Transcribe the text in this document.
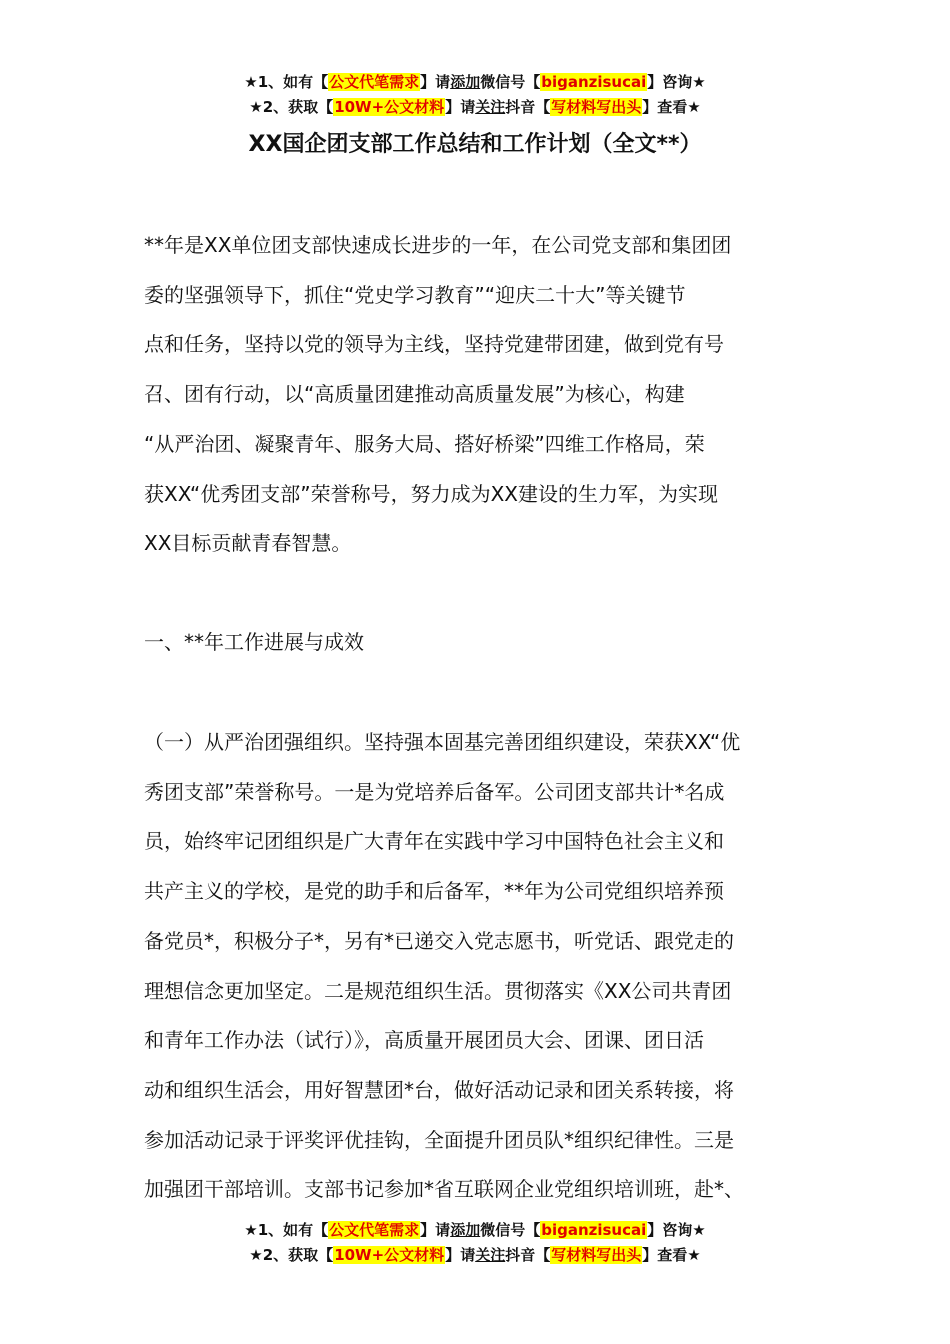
★1、如有【公文代笔需求】请添加微信号【biganzisucai】咨询★
★2、获取【10W+公文材料】请关注抖音【写材料写出头】查看★
XX国企团支部工作总结和工作计划（全文**）

**年是XX单位团支部快速成长进步的一年，在公司党支部和集团团
委的坚强领导下，抓住“党史学习教育”“迎庆二十大”等关键节
点和任务，坚持以党的领导为主线，坚持党建带团建，做到党有号
召、团有行动，以“高质量团建推动高质量发展”为核心，构建
“从严治团、凝聚青年、服务大局、搭好桥梁”四维工作格局，荣
获XX“优秀团支部”荣誉称号，努力成为XX建设的生力军，为实现
XX目标贡献青春智慧。

一、**年工作进展与成效

（一）从严治团强组织。坚持强本固基完善团组织建设，荣获XX“优
秀团支部”荣誉称号。一是为党培养后备军。公司团支部共计*名成
员，始终牢记团组织是广大青年在实践中学习中国特色社会主义和
共产主义的学校，是党的助手和后备军，**年为公司党组织培养预
备党员*，积极分子*，另有*已递交入党志愿书，听党话、跟党走的
理想信念更加坚定。二是规范组织生活。贯彻落实《XX公司共青团
和青年工作办法（试行）》，高质量开展团员大会、团课、团日活
动和组织生活会，用好智慧团*台，做好活动记录和团关系转接，将
参加活动记录于评奖评优挂钩，全面提升团员队*组织纪律性。三是
加强团干部培训。支部书记参加*省互联网企业党组织培训班，赴*、

★1、如有【公文代笔需求】请添加微信号【biganzisucai】咨询★
★2、获取【10W+公文材料】请关注抖音【写材料写出头】查看★
